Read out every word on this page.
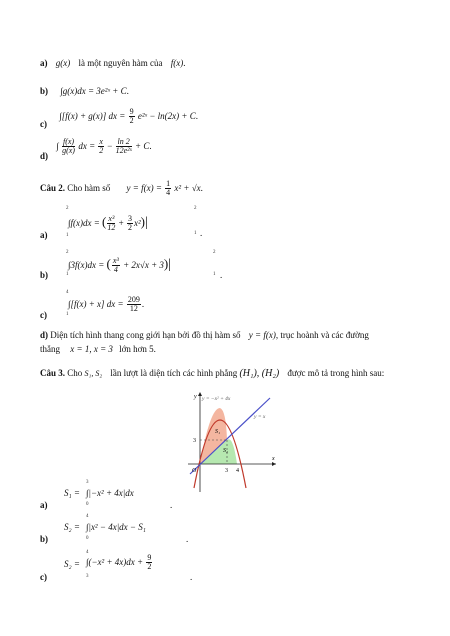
a) g(x) là một nguyên hàm của f(x).
b) ∫g(x)dx = 3e²ˣ + C.
c) ∫[f(x) + g(x)] dx = $\frac{9}{2}$ e²ˣ − ln(2x) + C.
d) ∫ $\frac{f(x)}{g(x)}$ dx = $\frac{x}{2} - \frac{\ln 2}{\text{12e²ˣ}} + C$.
Câu 2. Cho hàm số $y = f(x) = \frac{1}{4} x^2 + √x$.
a)
2
1
∫f(x)dx = ( $\frac{\text{x³}}{12} + \frac{3}{2} x^2)|$
2
1 .
b)
2
1
∫3f(x)dx = ( $\frac{\text{x³}}{4} + 2x√x + 3)|$
2
1 .
c)
4
1
∫[f(x) + x] dx = $\frac{209}{12}$ .
d) Diện tích hình thang cong giới hạn bởi đồ thị hàm số y = f(x), trục hoành và các đường
thẳng x = 1, x = 3 lớn hơn 5.
Câu 3. Cho S₁, S₂ lần lượt là diện tích các hình phẳng (H₁), (H₂) được mô tả trong hình sau:
y
x
O
y = −x² + 4x
y = x
S₁
S₂
3
3 4
a)
S₁ =
3
0
∫|−x² + 4x|dx
.
b)
S₂ =
4
0
∫|x² − 4x|dx − S₁
.
c)
S₂ =
4
3
$\int(-x^2 + 4x)dx + \frac{9}{2}$
.
